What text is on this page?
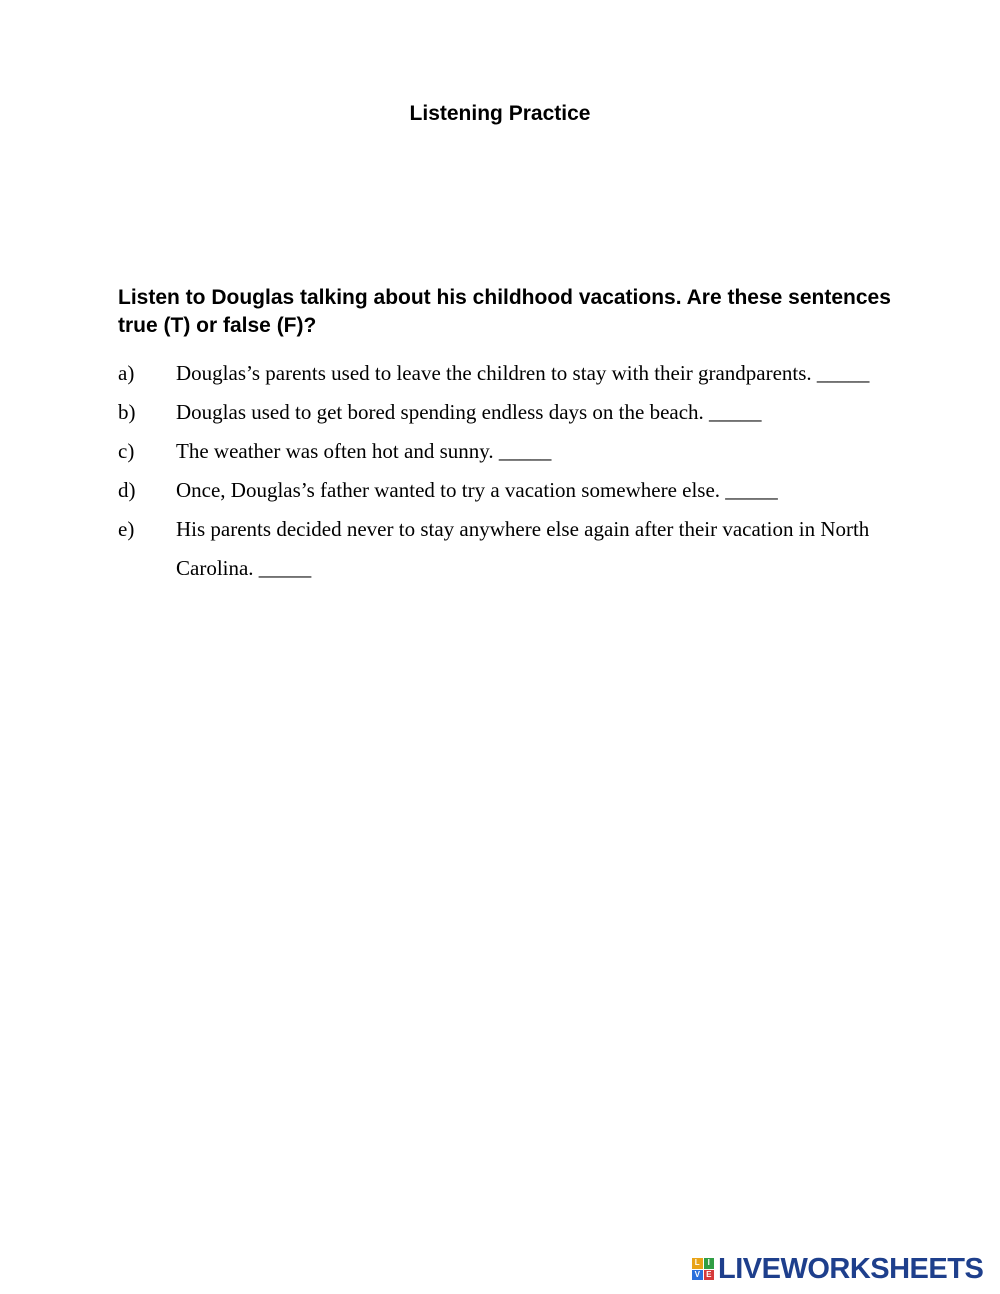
Listening Practice
Listen to Douglas talking about his childhood vacations. Are these sentences true (T) or false (F)?
a)	Douglas’s parents used to leave the children to stay with their grandparents. _____
b)	Douglas used to get bored spending endless days on the beach. _____
c)	The weather was often hot and sunny. _____
d)	Once, Douglas’s father wanted to try a vacation somewhere else. _____
e)	His parents decided never to stay anywhere else again after their vacation in North Carolina. _____
L I
V E LIVEWORKSHEETS
